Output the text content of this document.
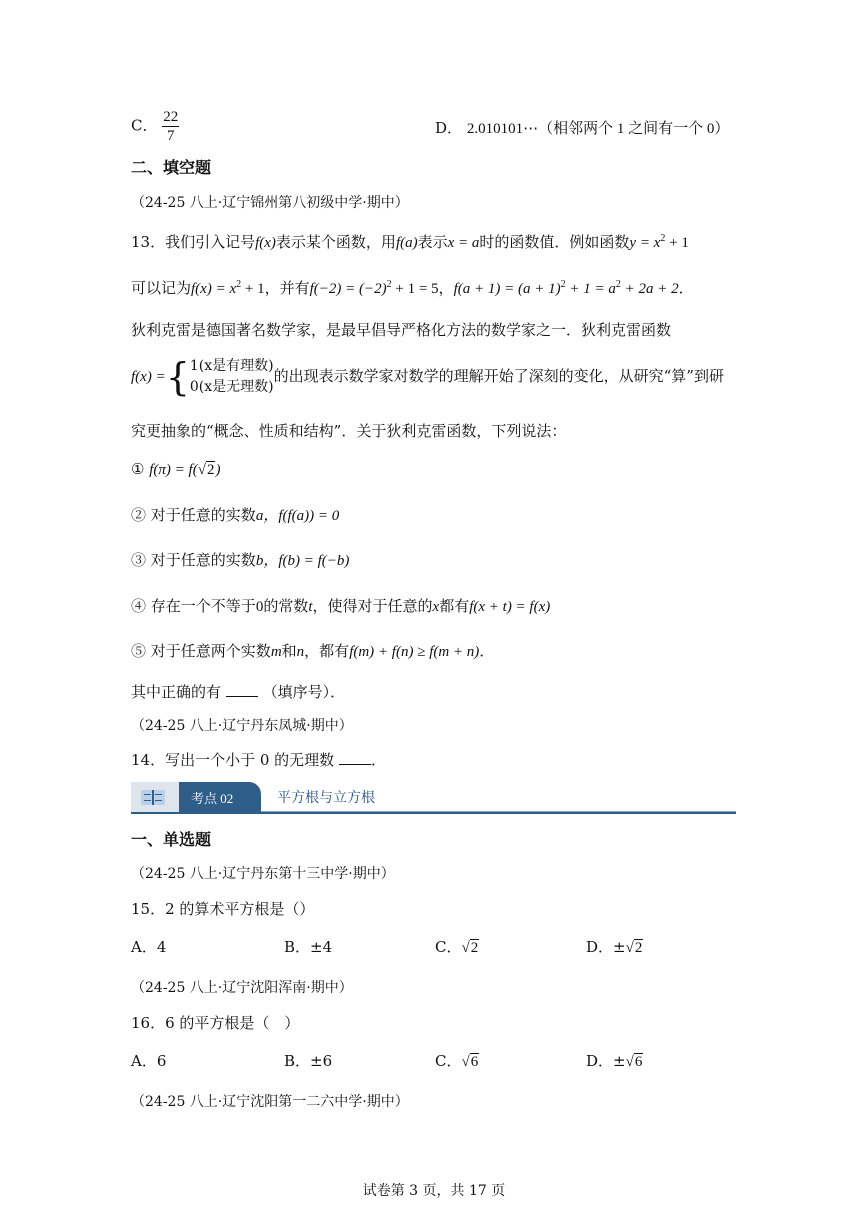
C． $\frac{22}{7}$	D． 2.010101⋯（相邻两个 1 之间有一个 0）
二、填空题
（24-25 八上·辽宁锦州第八初级中学·期中）
13．我们引入记号f(x)表示某个函数，用f(a)表示x = a时的函数值．例如函数$y = x^2 + 1$
可以记为$f(x) = x^2 + 1$，并有$f(-2) = (-2)^2 + 1 = 5$，$f(a + 1) = (a + 1)^2 + 1 = a^2 + 2a + 2$．
狄利克雷是德国著名数学家，是最早倡导严格化方法的数学家之一．狄利克雷函数
f(x) ={ 1(x是有理数)
0(x是无理数)
的出现表示数学家对数学的理解开始了深刻的变化，从研究“算”到研
究更抽象的“概念、性质和结构”．关于狄利克雷函数，下列说法：
① f(π) = f(√2)
② 对于任意的实数a，f(f(a)) = 0
③ 对于任意的实数b，f(b) = f(−b)
④ 存在一个不等于0的常数t，使得对于任意的x都有f(x + t) = f(x)
⑤ 对于任意两个实数m和n，都有f(m) + f(n) ≥ f(m + n)．
其中正确的有	（填序号）．
（24-25 八上·辽宁丹东凤城·期中）
14．写出一个小于 0 的无理数 ．
考点 02	平方根与立方根
一、单选题
（24-25 八上·辽宁丹东第十三中学·期中）
15．2 的算术平方根是（）
A．4	B．±4	C．√2	D．±√2
（24-25 八上·辽宁沈阳浑南·期中）
16．6 的平方根是（　）
A．6	B．±6	C．√6	D．±√6
（24-25 八上·辽宁沈阳第一二六中学·期中）
试卷第 3 页，共 17 页
